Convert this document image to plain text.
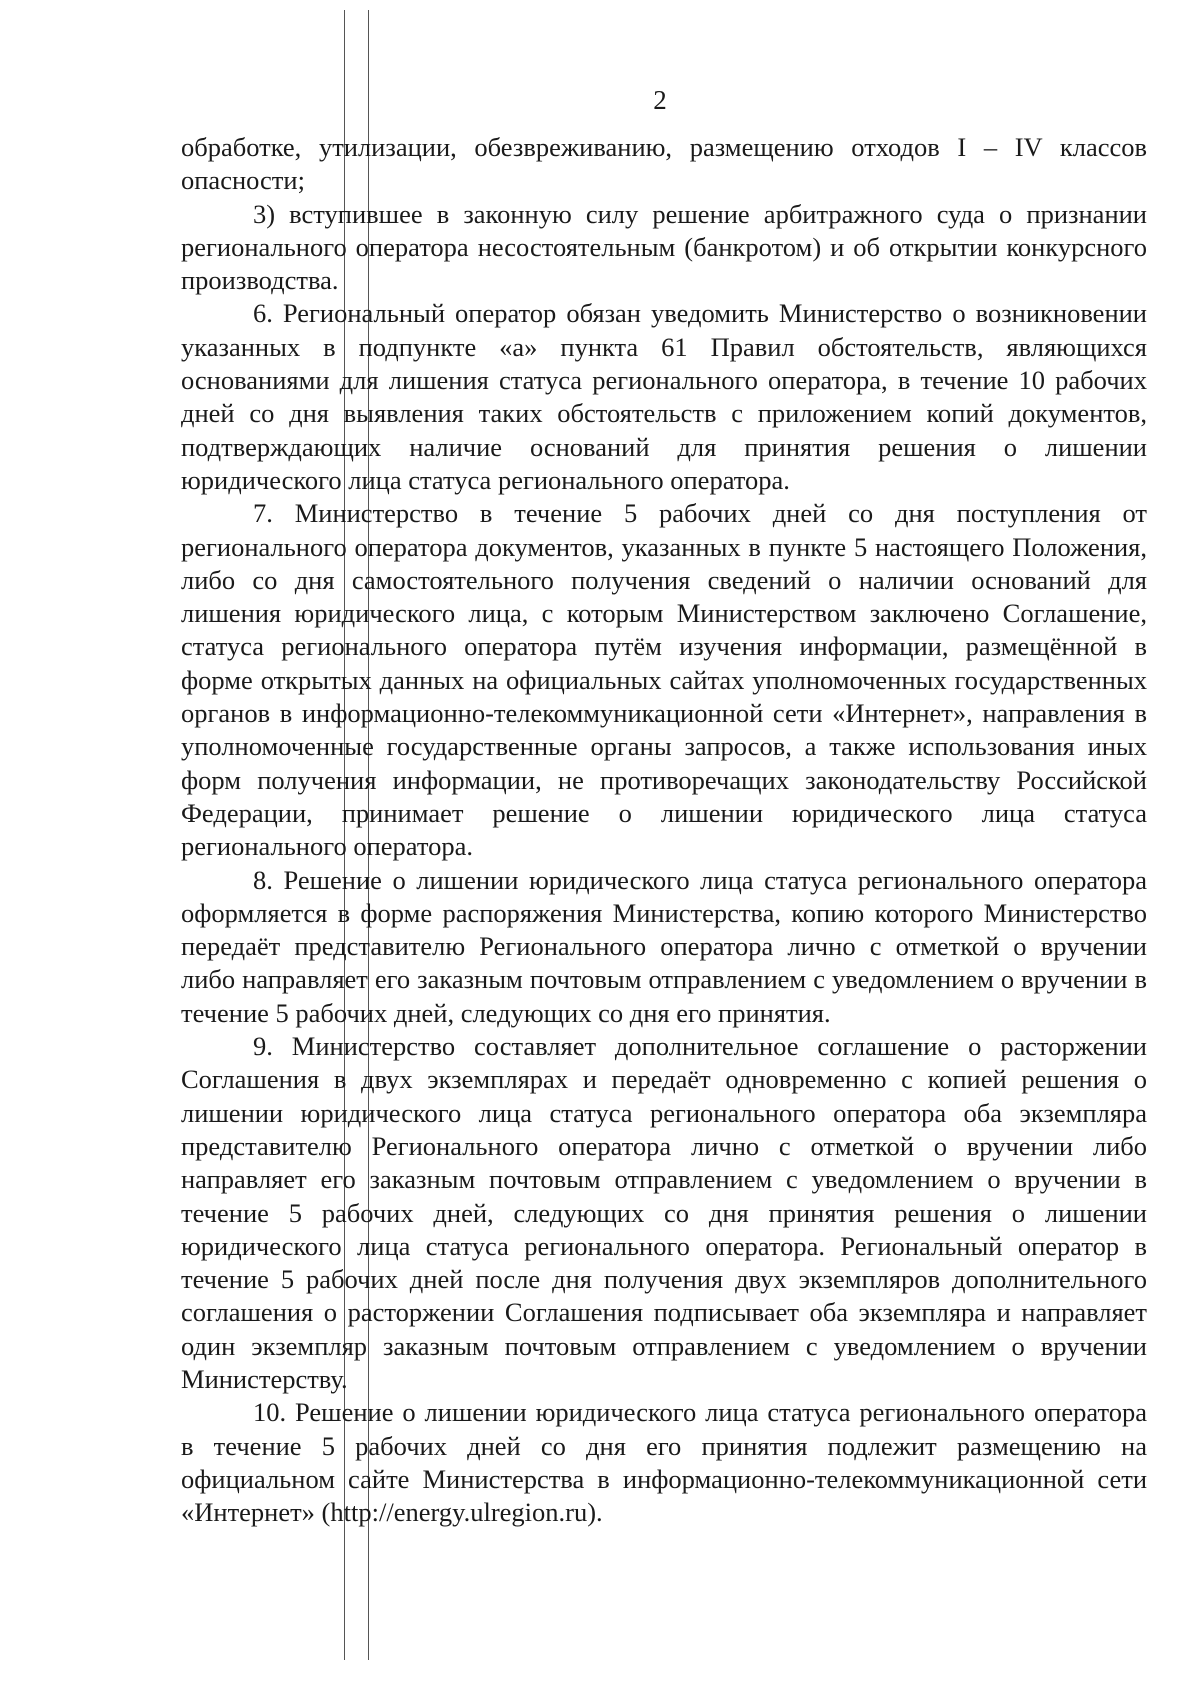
2

обработке, утилизации, обезвреживанию, размещению отходов I – IV классов опасности;

3) вступившее в законную силу решение арбитражного суда о признании регионального оператора несостоятельным (банкротом) и об открытии конкурсного производства.

6. Региональный оператор обязан уведомить Министерство о возникновении указанных в подпункте «а» пункта 61 Правил обстоятельств, являющихся основаниями для лишения статуса регионального оператора, в течение 10 рабочих дней со дня выявления таких обстоятельств с приложением копий документов, подтверждающих наличие оснований для принятия решения о лишении юридического лица статуса регионального оператора.

7. Министерство в течение 5 рабочих дней со дня поступления от регионального оператора документов, указанных в пункте 5 настоящего Положения, либо со дня самостоятельного получения сведений о наличии оснований для лишения юридического лица, с которым Министерством заключено Соглашение, статуса регионального оператора путём изучения информации, размещённой в форме открытых данных на официальных сайтах уполномоченных государственных органов в информационно-телекоммуникационной сети «Интернет», направления в уполномоченные государственные органы запросов, а также использования иных форм получения информации, не противоречащих законодательству Российской Федерации, принимает решение о лишении юридического лица статуса регионального оператора.

8. Решение о лишении юридического лица статуса регионального оператора оформляется в форме распоряжения Министерства, копию которого Министерство передаёт представителю Регионального оператора лично с отметкой о вручении либо направляет его заказным почтовым отправлением с уведомлением о вручении в течение 5 рабочих дней, следующих со дня его принятия.

9. Министерство составляет дополнительное соглашение о расторжении Соглашения в двух экземплярах и передаёт одновременно с копией решения о лишении юридического лица статуса регионального оператора оба экземпляра представителю Регионального оператора лично с отметкой о вручении либо направляет его заказным почтовым отправлением с уведомлением о вручении в течение 5 рабочих дней, следующих со дня принятия решения о лишении юридического лица статуса регионального оператора. Региональный оператор в течение 5 рабочих дней после дня получения двух экземпляров дополнительного соглашения о расторжении Соглашения подписывает оба экземпляра и направляет один экземпляр заказным почтовым отправлением с уведомлением о вручении Министерству.

10. Решение о лишении юридического лица статуса регионального оператора в течение 5 рабочих дней со дня его принятия подлежит размещению на официальном сайте Министерства в информационно-телекоммуникационной сети «Интернет» (http://energy.ulregion.ru).
